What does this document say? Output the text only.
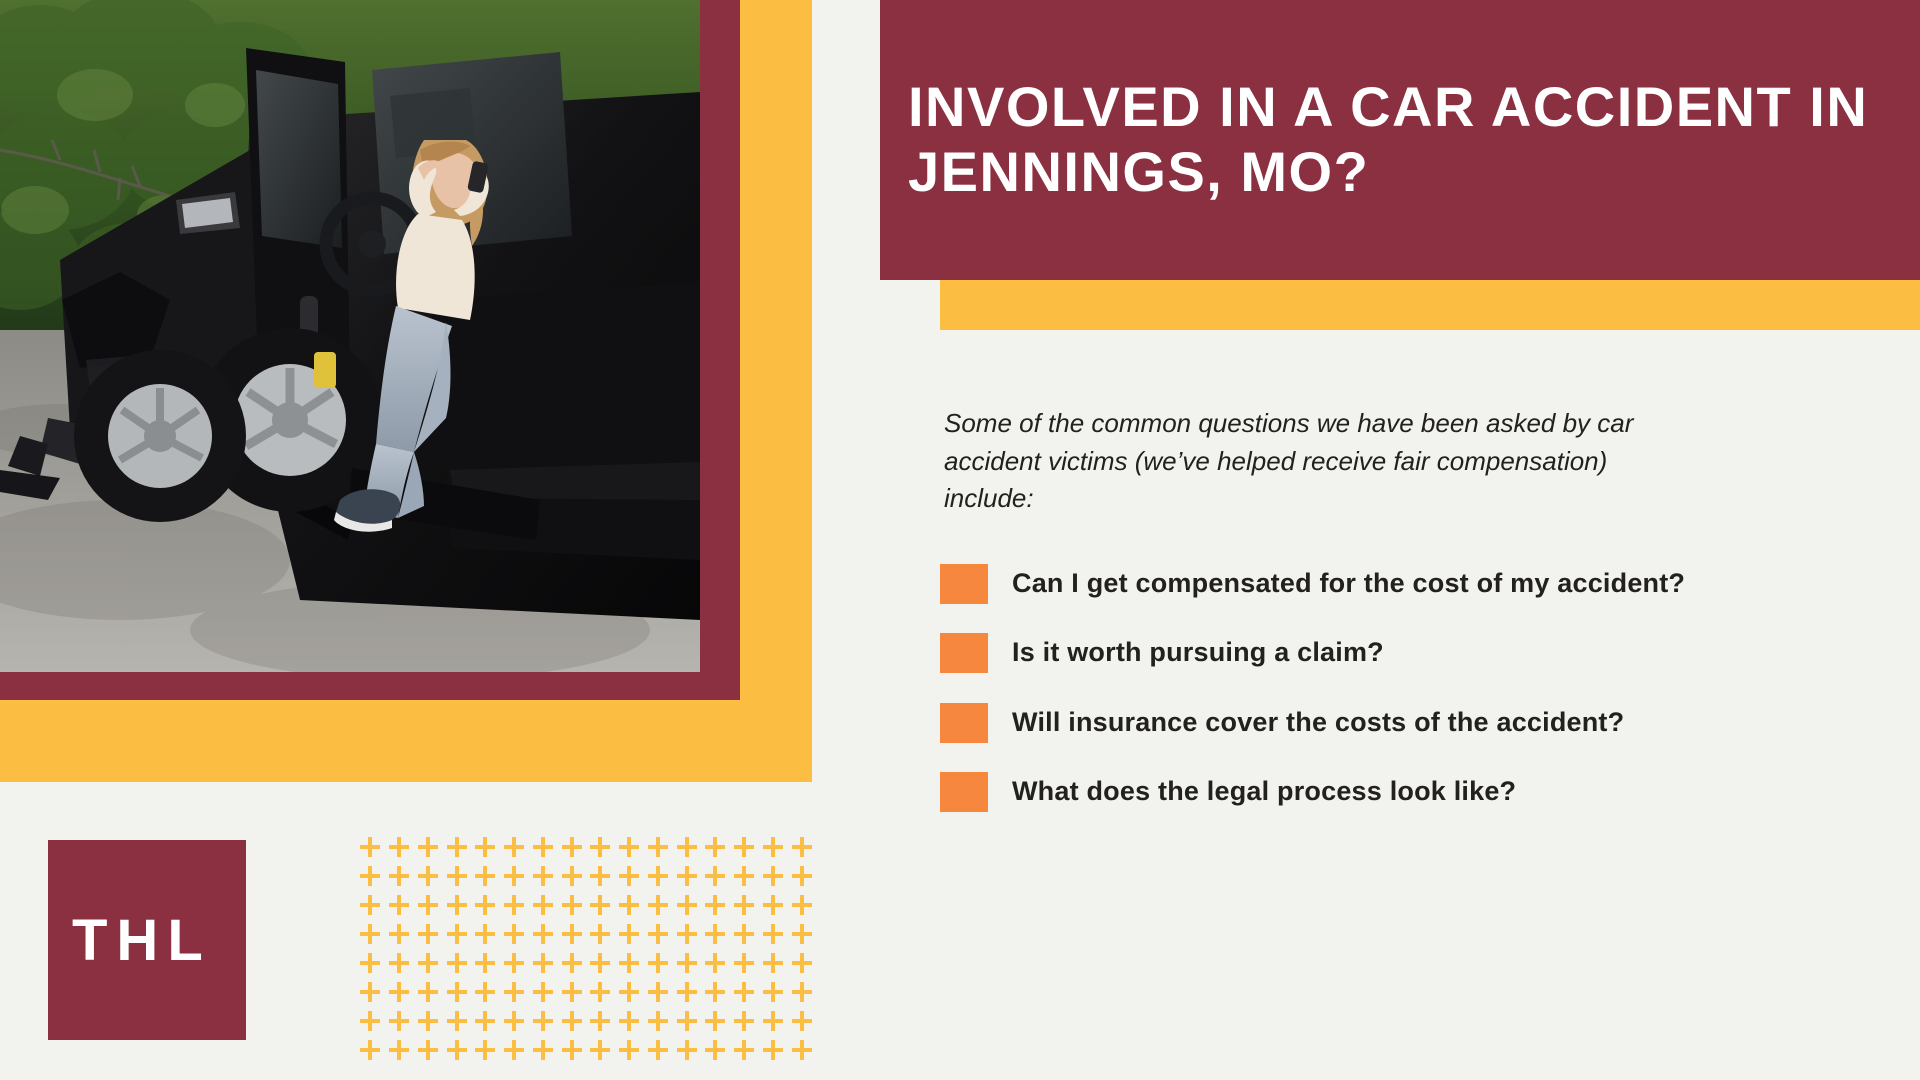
THL
INVOLVED IN A CAR ACCIDENT IN JENNINGS, MO?

Some of the common questions we have been asked by car accident victims (we’ve helped receive fair compensation) include:

Can I get compensated for the cost of my accident?
Is it worth pursuing a claim?
Will insurance cover the costs of the accident?
What does the legal process look like?
